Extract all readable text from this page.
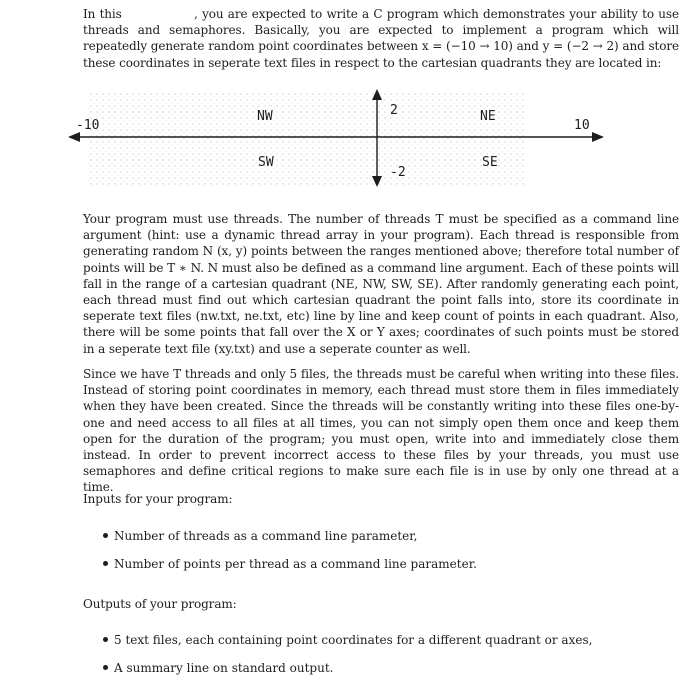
In this	, you are expected to write a C program which demonstrates your ability to use threads and semaphores. Basically, you are expected to implement a program which will repeatedly generate random point coordinates between x = (−10 → 10) and y = (−2 → 2) and store these coordinates in seperate text files in respect to the cartesian quadrants they are located in:

-10	10
2
-2
NW	NE
SW	SE

Your program must use threads. The number of threads T must be specified as a command line argument (hint: use a dynamic thread array in your program). Each thread is responsible from generating random N (x, y) points between the ranges mentioned above; therefore total number of points will be T ∗ N. N must also be defined as a command line argument. Each of these points will fall in the range of a cartesian quadrant (NE, NW, SW, SE). After randomly generating each point, each thread must find out which cartesian quadrant the point falls into, store its coordinate in seperate text files (nw.txt, ne.txt, etc) line by line and keep count of points in each quadrant. Also, there will be some points that fall over the X or Y axes; coordinates of such points must be stored in a seperate text file (xy.txt) and use a seperate counter as well.

Since we have T threads and only 5 files, the threads must be careful when writing into these files. Instead of storing point coordinates in memory, each thread must store them in files immediately when they have been created. Since the threads will be constantly writing into these files one-by-one and need access to all files at all times, you can not simply open them once and keep them open for the duration of the program; you must open, write into and immediately close them instead. In order to prevent incorrect access to these files by your threads, you must use semaphores and define critical regions to make sure each file is in use by only one thread at a time.

Inputs for your program:

Number of threads as a command line parameter,
Number of points per thread as a command line parameter.

Outputs of your program:

5 text files, each containing point coordinates for a different quadrant or axes,
A summary line on standard output.
